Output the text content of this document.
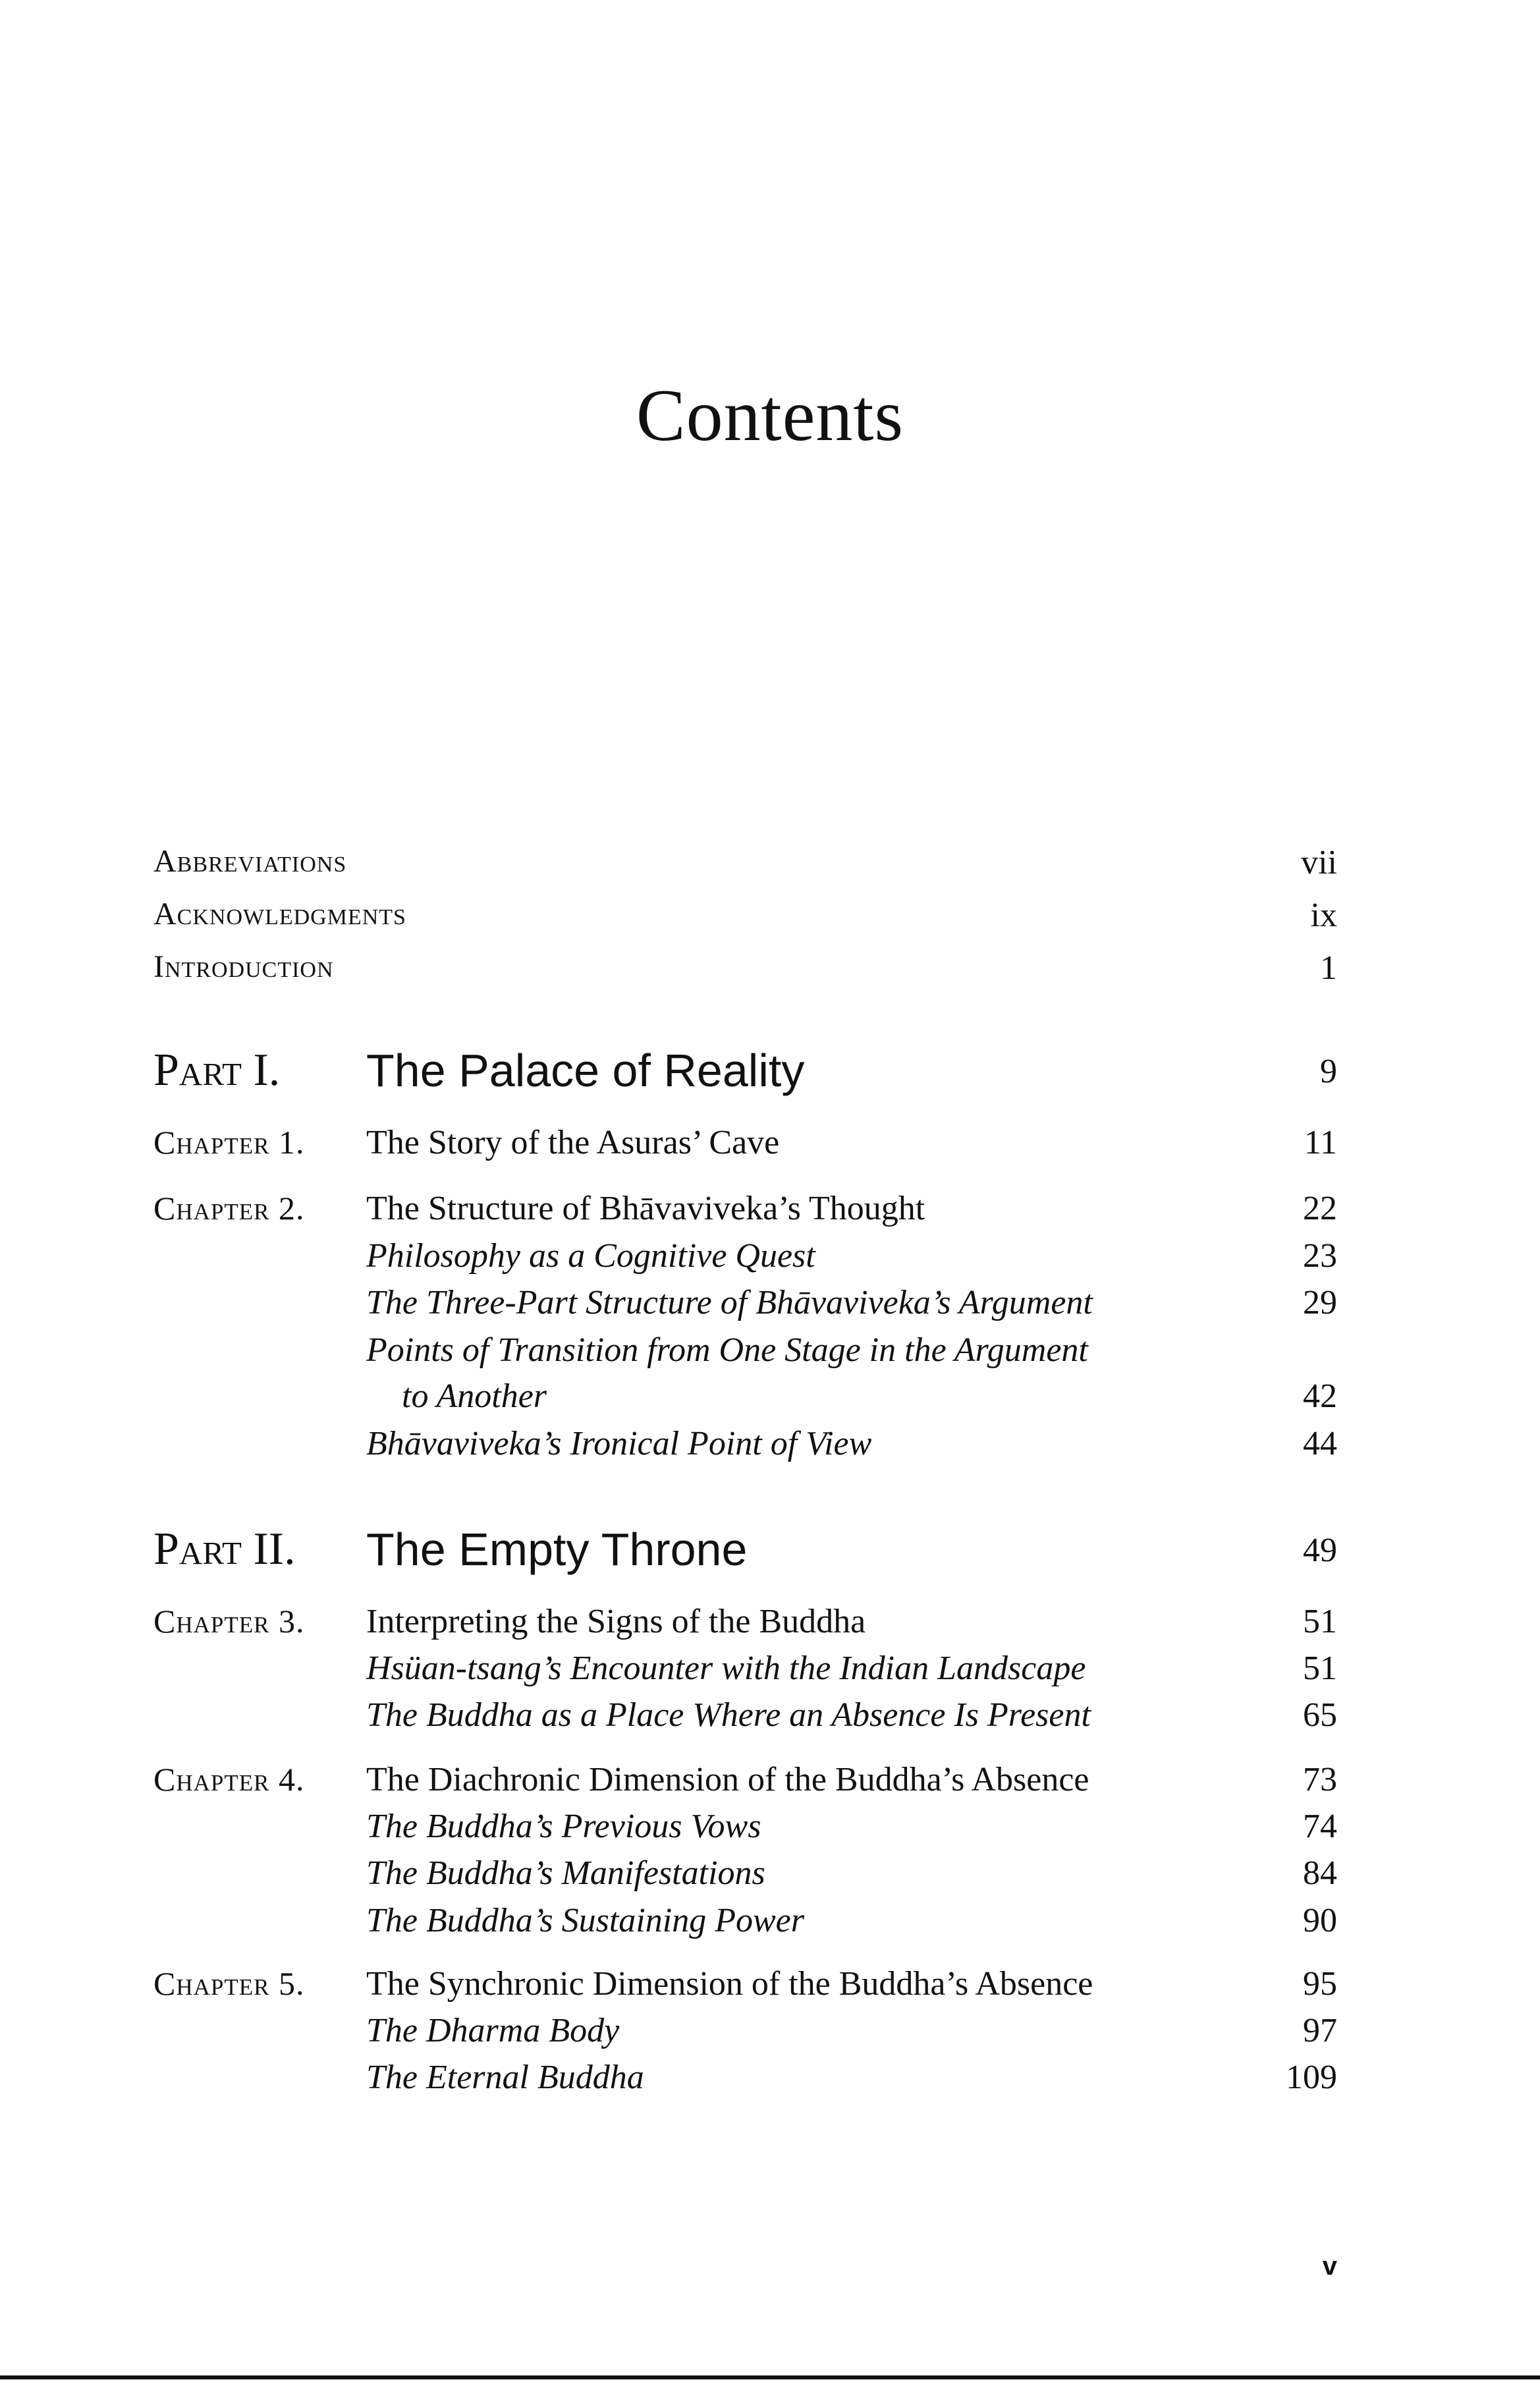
Contents
Abbreviations	vii
Acknowledgments	ix
Introduction	1
Part I. The Palace of Reality	9
Chapter 1. The Story of the Asuras’ Cave	11
Chapter 2. The Structure of Bhāvaviveka’s Thought	22
Philosophy as a Cognitive Quest	23
The Three-Part Structure of Bhāvaviveka’s Argument	29
Points of Transition from One Stage in the Argument
to Another	42
Bhāvaviveka’s Ironical Point of View	44
Part II. The Empty Throne	49
Chapter 3. Interpreting the Signs of the Buddha	51
Hsüan-tsang’s Encounter with the Indian Landscape	51
The Buddha as a Place Where an Absence Is Present	65
Chapter 4. The Diachronic Dimension of the Buddha’s Absence	73
The Buddha’s Previous Vows	74
The Buddha’s Manifestations	84
The Buddha’s Sustaining Power	90
Chapter 5. The Synchronic Dimension of the Buddha’s Absence	95
The Dharma Body	97
The Eternal Buddha	109
v
